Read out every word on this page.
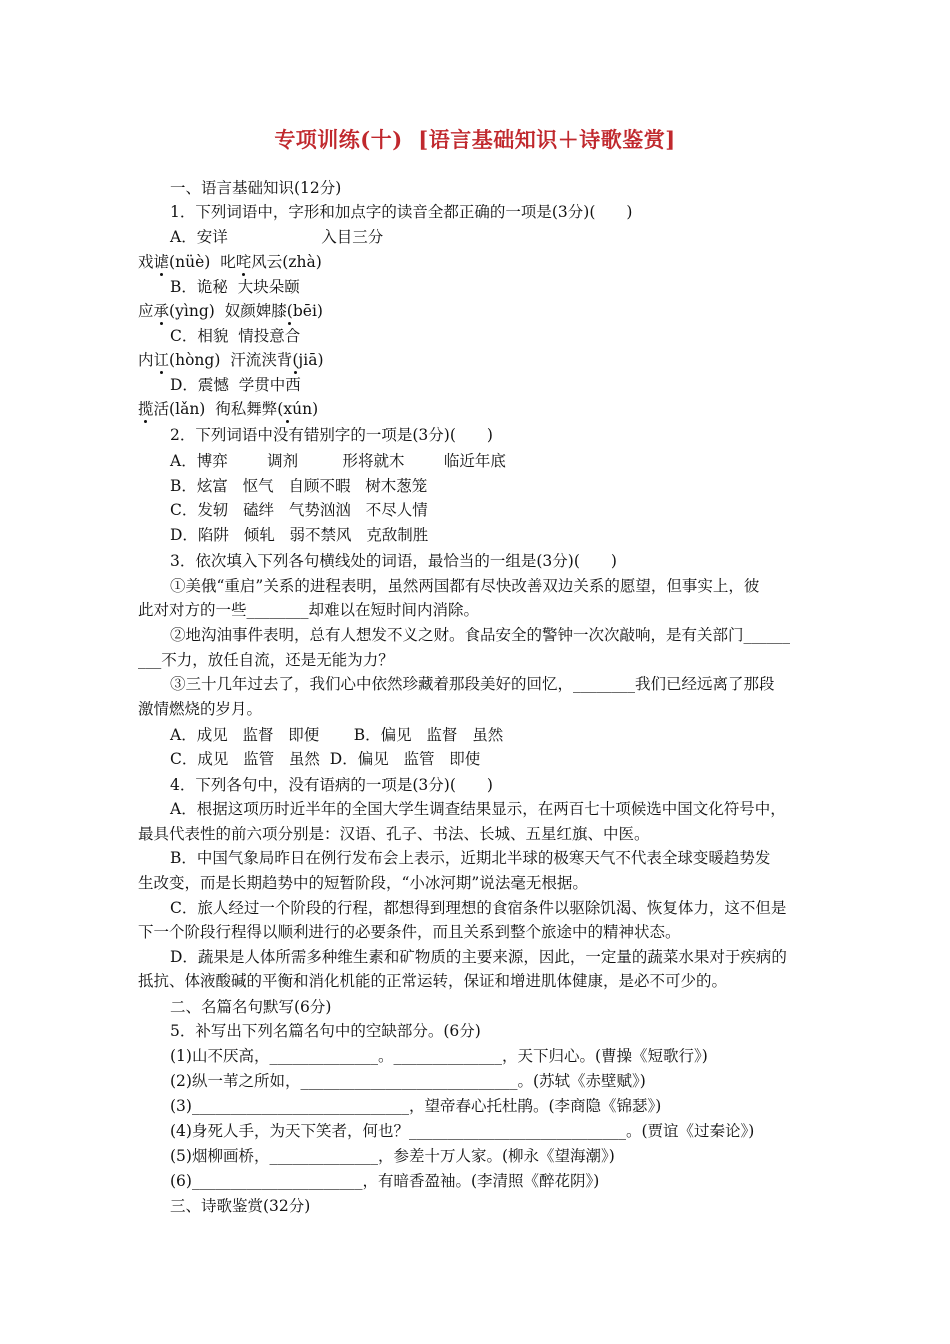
专项训练(十)  [语言基础知识＋诗歌鉴赏]
一、语言基础知识(12分)
1．下列词语中，字形和加点字的读音全都正确的一项是(3分)(　　)
A．安详                   入目三分
戏谑(nüè) 叱咤风云(zhà)
B．诡秘  大块朵颐
应承(yìng) 奴颜婢膝(bēi)
C．相貌  情投意合
内讧(hòng) 汗流浃背(jiā)
D．震憾  学贯中西
揽活(lǎn) 徇私舞弊(xún)
2．下列词语中没有错别字的一项是(3分)(　　)
A．博弈        调剂         形将就木        临近年底
B．炫富   怄气   自顾不暇   树木葱笼
C．发轫   磕绊   气势汹汹   不尽人情
D．陷阱   倾轧   弱不禁风   克敌制胜
3．依次填入下列各句横线处的词语，最恰当的一组是(3分)(　　)
①美俄“重启”关系的进程表明，虽然两国都有尽快改善双边关系的愿望，但事实上，彼
此对对方的一些________却难以在短时间内消除。
②地沟油事件表明，总有人想发不义之财。食品安全的警钟一次次敲响，是有关部门______
___不力，放任自流，还是无能为力？
③三十几年过去了，我们心中依然珍藏着那段美好的回忆，________我们已经远离了那段
激情燃烧的岁月。
A．成见   监督   即便       B．偏见   监督   虽然
C．成见   监管   虽然  D．偏见   监管   即使
4．下列各句中，没有语病的一项是(3分)(　　)
A．根据这项历时近半年的全国大学生调查结果显示，在两百七十项候选中国文化符号中，
最具代表性的前六项分别是：汉语、孔子、书法、长城、五星红旗、中医。
B．中国气象局昨日在例行发布会上表示，近期北半球的极寒天气不代表全球变暖趋势发
生改变，而是长期趋势中的短暂阶段，“小冰河期”说法毫无根据。
C．旅人经过一个阶段的行程，都想得到理想的食宿条件以驱除饥渴、恢复体力，这不但是
下一个阶段行程得以顺利进行的必要条件，而且关系到整个旅途中的精神状态。
D．蔬果是人体所需多种维生素和矿物质的主要来源，因此，一定量的蔬菜水果对于疾病的
抵抗、体液酸碱的平衡和消化机能的正常运转，保证和增进肌体健康，是必不可少的。
二、名篇名句默写(6分)
5．补写出下列名篇名句中的空缺部分。(6分)
(1)山不厌高，______________。______________，天下归心。(曹操《短歌行》)
(2)纵一苇之所如，____________________________。(苏轼《赤壁赋》)
(3)____________________________，望帝春心托杜鹃。(李商隐《锦瑟》)
(4)身死人手，为天下笑者，何也？____________________________。(贾谊《过秦论》)
(5)烟柳画桥，______________，参差十万人家。(柳永《望海潮》)
(6)______________________，有暗香盈袖。(李清照《醉花阴》)
三、诗歌鉴赏(32分)
